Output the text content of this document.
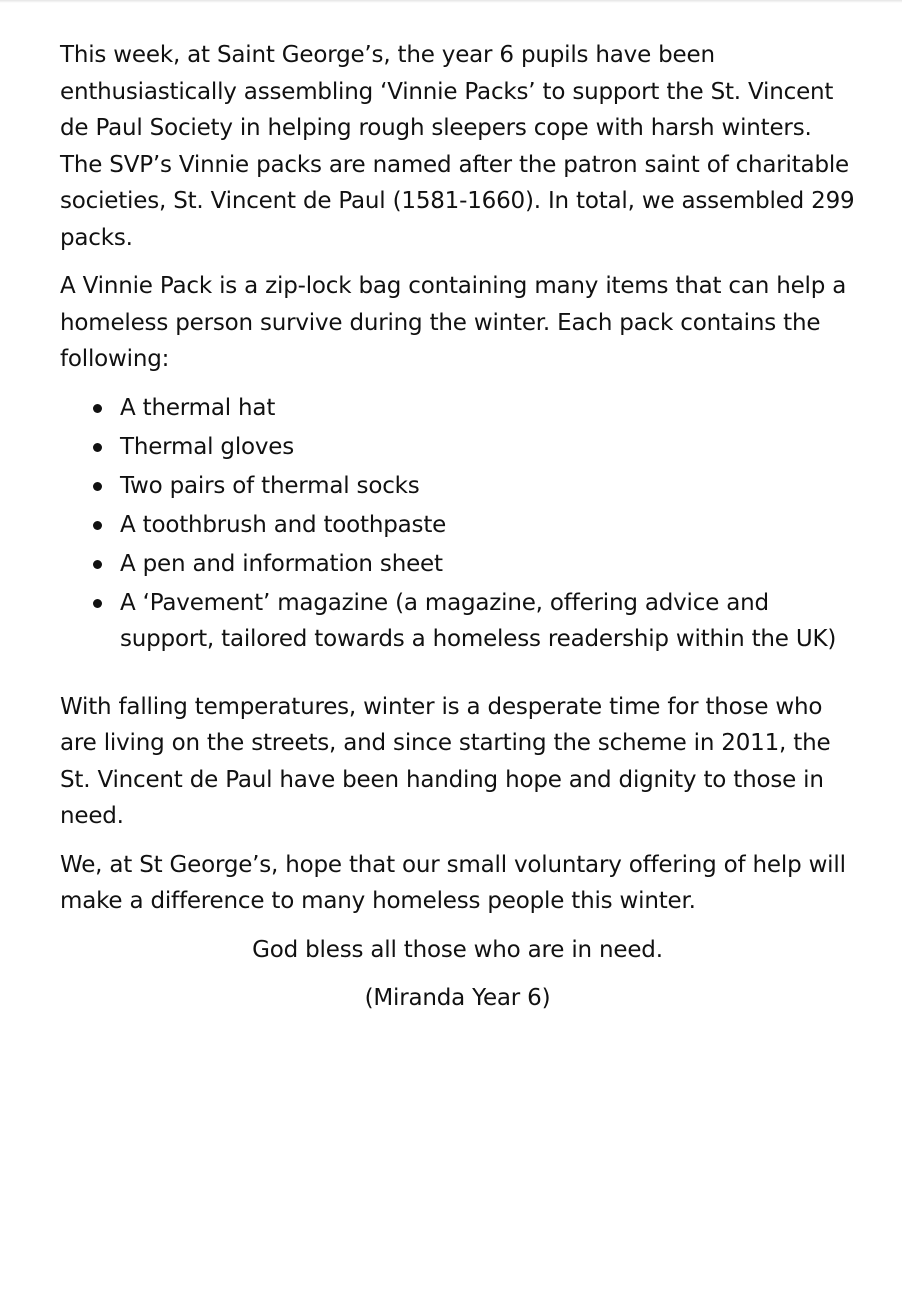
This week, at Saint George’s, the year 6 pupils have been enthusiastically assembling ‘Vinnie Packs’ to support the St. Vincent de Paul Society in helping rough sleepers cope with harsh winters. The SVP’s Vinnie packs are named after the patron saint of charitable societies, St. Vincent de Paul (1581-1660). In total, we assembled 299 packs.

A Vinnie Pack is a zip-lock bag containing many items that can help a homeless person survive during the winter. Each pack contains the following:

A thermal hat
Thermal gloves
Two pairs of thermal socks
A toothbrush and toothpaste
A pen and information sheet
A ‘Pavement’ magazine (a magazine, offering advice and support, tailored towards a homeless readership within the UK)

With falling temperatures, winter is a desperate time for those who are living on the streets, and since starting the scheme in 2011, the St. Vincent de Paul have been handing hope and dignity to those in need.

We, at St George’s, hope that our small voluntary offering of help will make a difference to many homeless people this winter.

God bless all those who are in need.

(Miranda Year 6)
